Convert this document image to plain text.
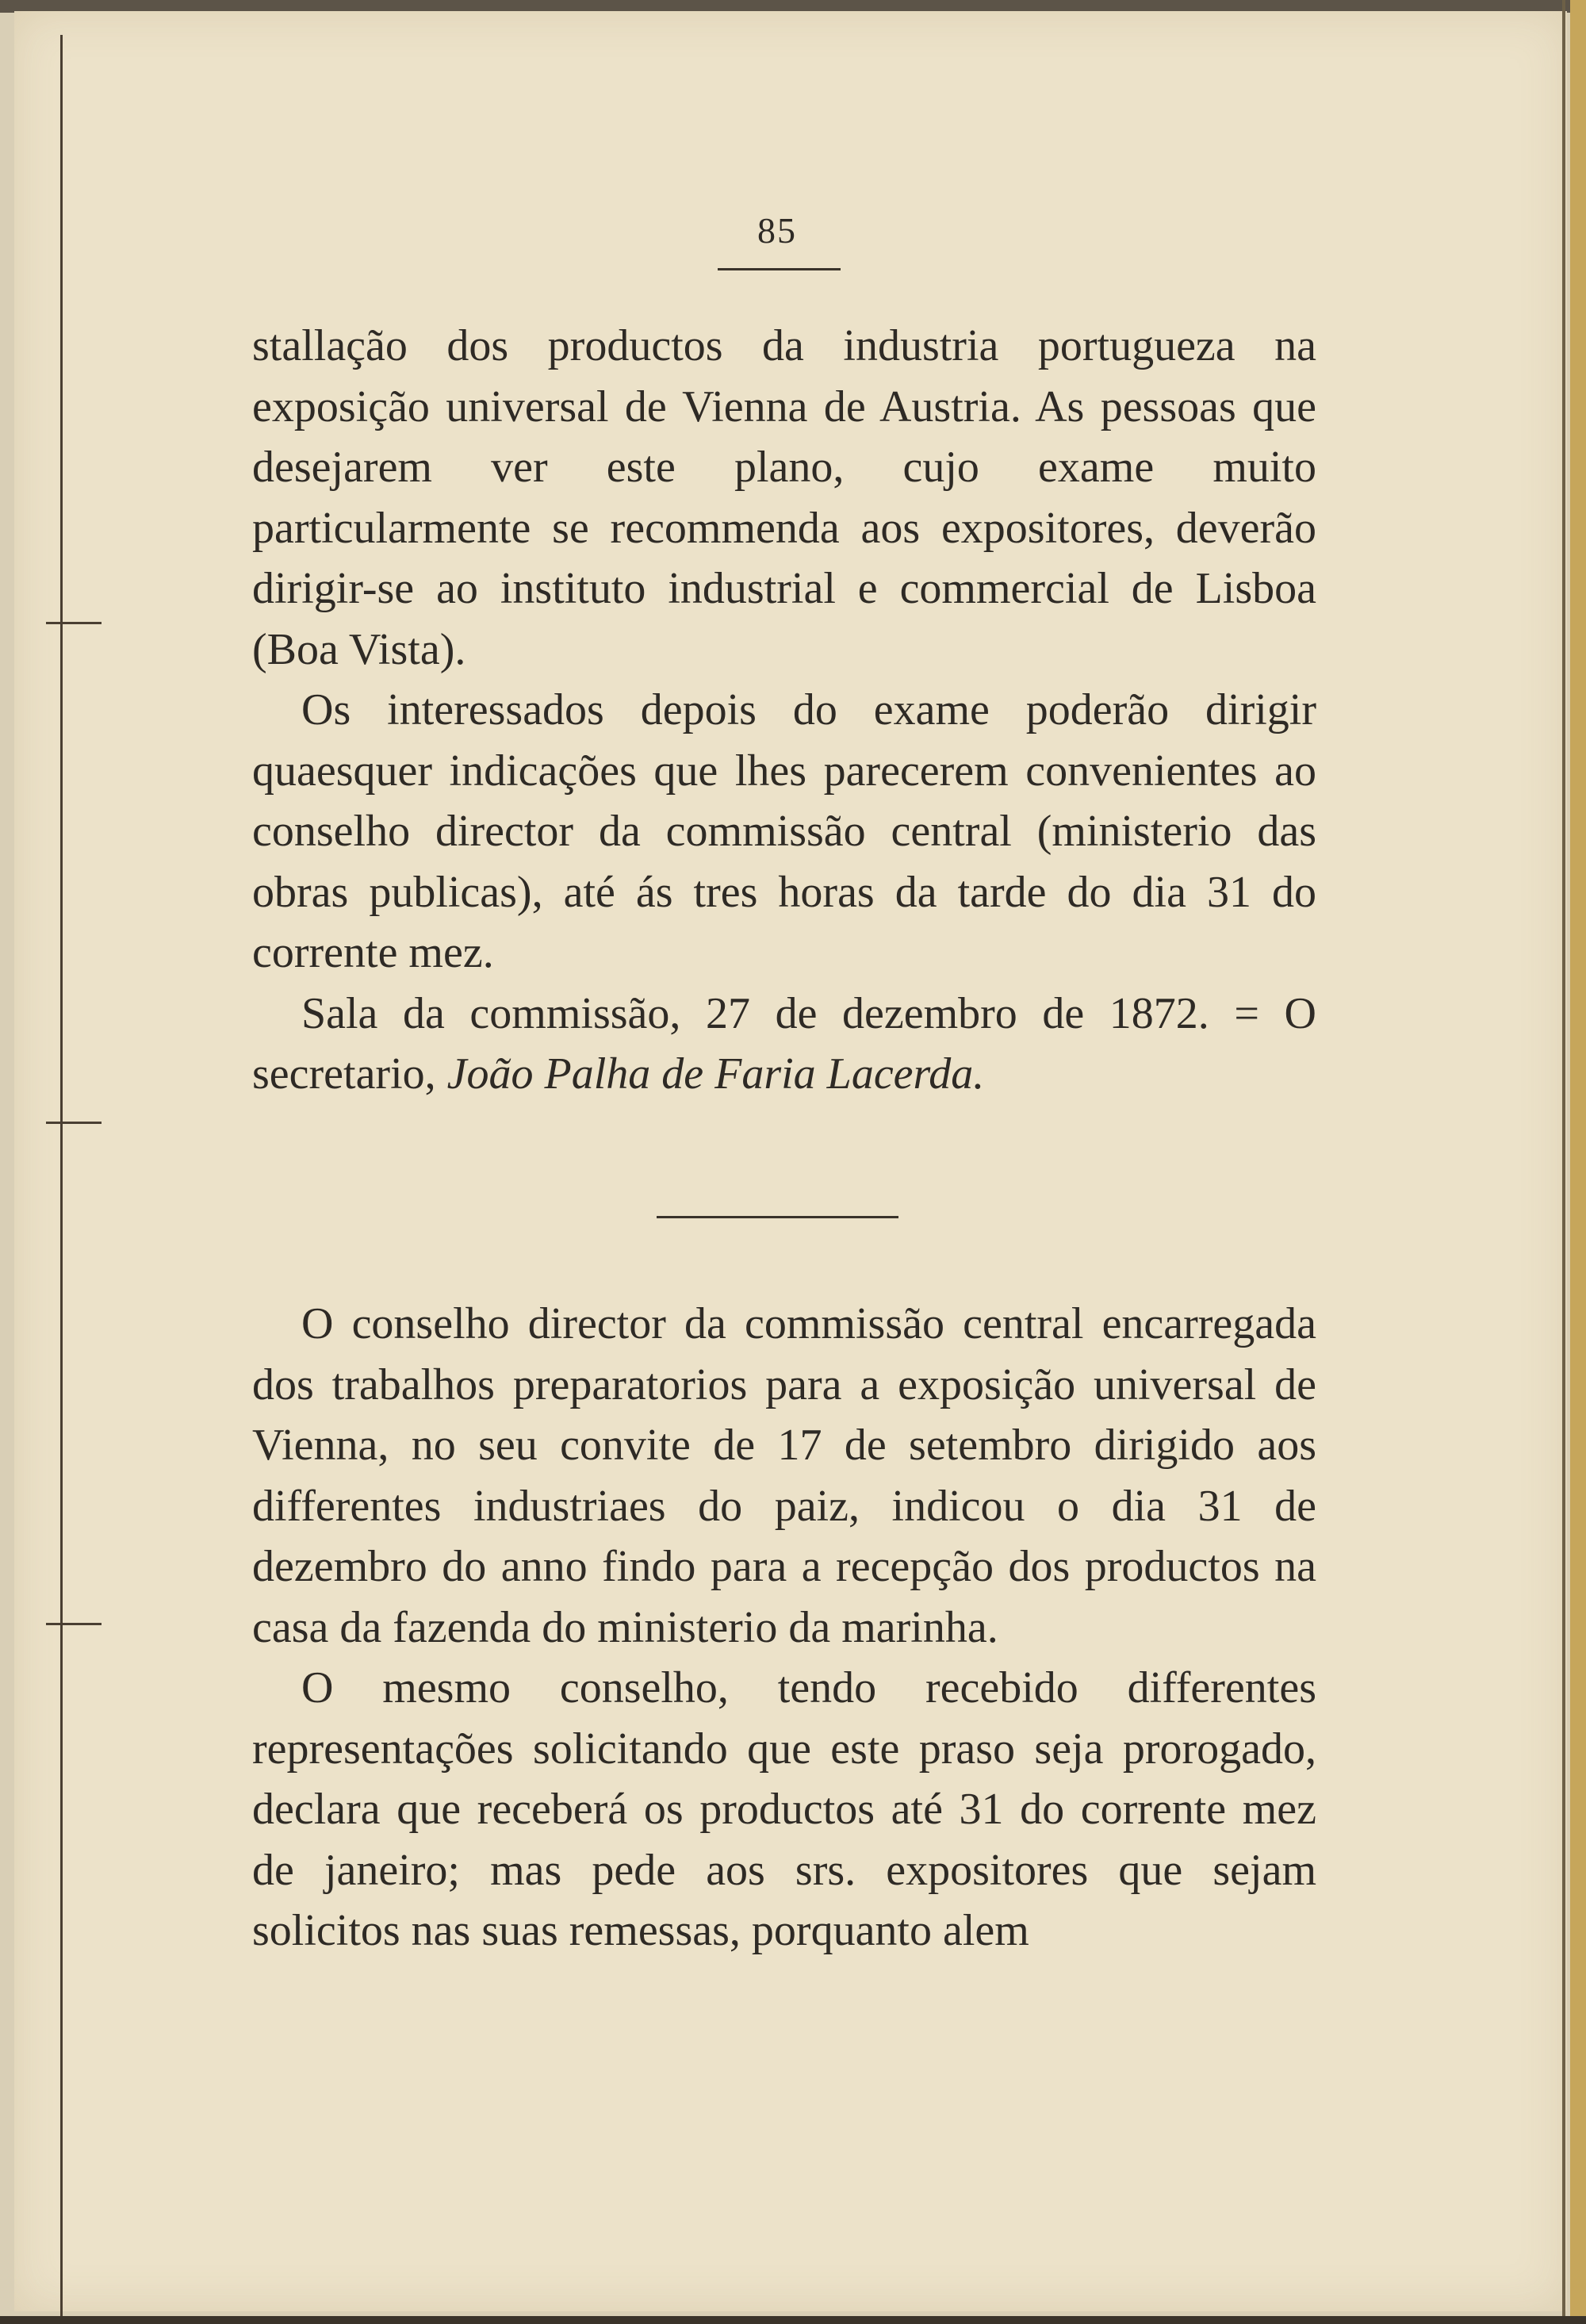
85

stallação dos productos da industria portugueza na exposição universal de Vienna de Austria. As pessoas que desejarem ver este plano, cujo exame muito particularmente se recommenda aos expositores, deverão dirigir-se ao instituto industrial e commercial de Lisboa (Boa Vista).

Os interessados depois do exame poderão dirigir quaesquer indicações que lhes parecerem convenientes ao conselho director da commissão central (ministerio das obras publicas), até ás tres horas da tarde do dia 31 do corrente mez.

Sala da commissão, 27 de dezembro de 1872. = O secretario, João Palha de Faria Lacerda.

O conselho director da commissão central encarregada dos trabalhos preparatorios para a exposição universal de Vienna, no seu convite de 17 de setembro dirigido aos differentes industriaes do paiz, indicou o dia 31 de dezembro do anno findo para a recepção dos productos na casa da fazenda do ministerio da marinha.

O mesmo conselho, tendo recebido differentes representações solicitando que este praso seja prorogado, declara que receberá os productos até 31 do corrente mez de janeiro; mas pede aos srs. expositores que sejam solicitos nas suas remessas, porquanto alem
